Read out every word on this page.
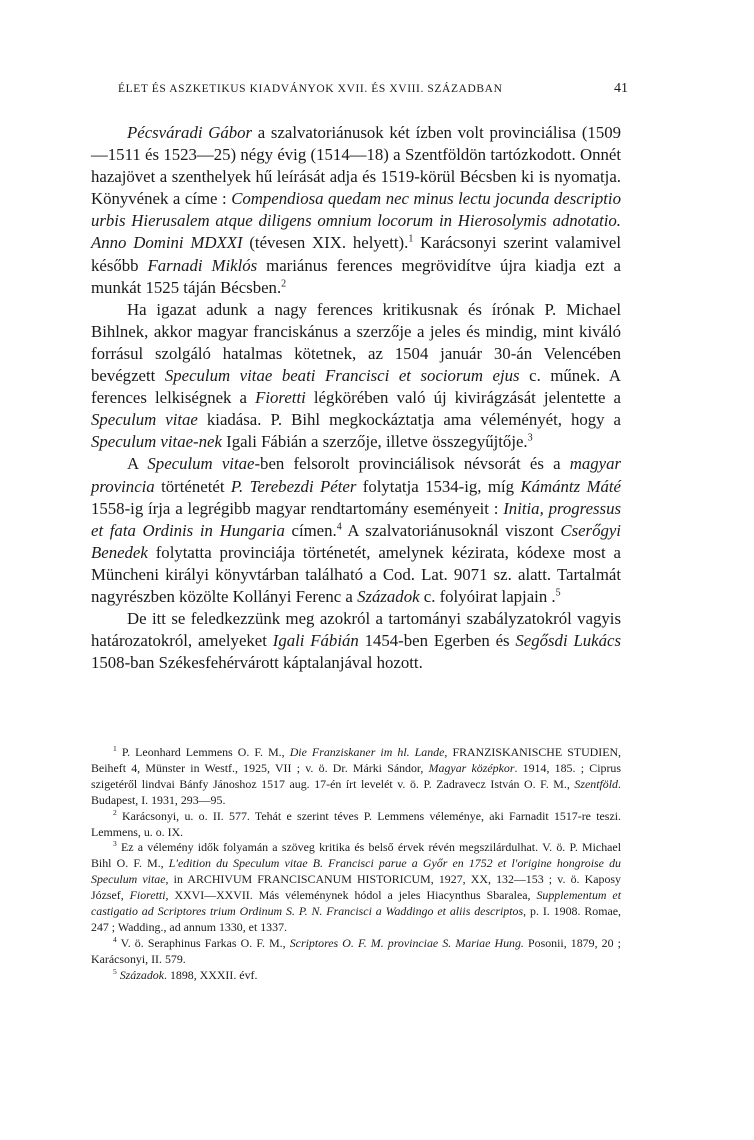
ÉLET ÉS ASZKETIKUS KIADVÁNYOK XVII. ÉS XVIII. SZÁZADBAN	41

Pécsváradi Gábor a szalvatoriánusok két ízben volt provinciálisa (1509—1511 és 1523—25) négy évig (1514—18) a Szentföldön tartózkodott. Onnét hazajövet a szenthelyek hű leírását adja és 1519-körül Bécsben ki is nyomatja. Könyvének a címe : Compendiosa quedam nec minus lectu jocunda descriptio urbis Hierusalem atque diligens omnium locorum in Hierosolymis adnotatio. Anno Domini MDXXI (tévesen XIX. helyett).$^1$ Karácsonyi szerint valamivel később Farnadi Miklós mariánus ferences megrövidítve újra kiadja ezt a munkát 1525 táján Bécsben.$^2$

Ha igazat adunk a nagy ferences kritikusnak és írónak P. Michael Bihlnek, akkor magyar franciskánus a szerzője a jeles és mindig, mint kiváló forrásul szolgáló hatalmas kötetnek, az 1504 január 30-án Velencében bevégzett Speculum vitae beati Francisci et sociorum ejus c. műnek. A ferences lelkiségnek a Fioretti légkörében való új kivirágzását jelentette a Speculum vitae kiadása. P. Bihl megkockáztatja ama véleményét, hogy a Speculum vitae-nek Igali Fábián a szerzője, illetve összegyűjtője.$^3$

A Speculum vitae-ben felsorolt provinciálisok névsorát és a magyar provincia történetét P. Terebezdi Péter folytatja 1534-ig, míg Kámántz Máté 1558-ig írja a legrégibb magyar rendtartomány eseményeit : Initia, progressus et fata Ordinis in Hungaria címen.$^4$ A szalvatoriánusoknál viszont Cserőgyi Benedek folytatta provinciája történetét, amelynek kézirata, kódexe most a Müncheni királyi könyvtárban található a Cod. Lat. 9071 sz. alatt. Tartalmát nagyrészben közölte Kollányi Ferenc a Századok c. folyóirat lapjain .$^5$

De itt se feledkezzünk meg azokról a tartományi szabályzatokról vagyis határozatokról, amelyeket Igali Fábián 1454-ben Egerben és Segősdi Lukács 1508-ban Székesfehérvárott káptalanjával hozott.

$^1$ P. Leonhard Lemmens O. F. M., Die Franziskaner im hl. Lande, FRANZISKANISCHE STUDIEN, Beiheft 4, Münster in Westf., 1925, VII ; v. ö. Dr. Márki Sándor, Magyar középkor. 1914, 185. ; Ciprus szigetéről lindvai Bánfy Jánoshoz 1517 aug. 17-én írt levelét v. ö. P. Zadravecz István O. F. M., Szentföld. Budapest, I. 1931, 293—95.

$^2$ Karácsonyi, u. o. II. 577. Tehát e szerint téves P. Lemmens véleménye, aki Farnadit 1517-re teszi. Lemmens, u. o. IX.

$^3$ Ez a vélemény idők folyamán a szöveg kritika és belső érvek révén megszilárdulhat. V. ö. P. Michael Bihl O. F. M., L'edition du Speculum vitae B. Francisci parue a Győr en 1752 et l'origine hongroise du Speculum vitae, in ARCHIVUM FRANCISCANUM HISTORICUM, 1927, XX, 132—153 ; v. ö. Kaposy József, Fioretti, XXVI—XXVII. Más véleménynek hódol a jeles Hiacynthus Sbaralea, Supplementum et castigatio ad Scriptores trium Ordinum S. P. N. Francisci a Waddingo et aliis descriptos, p. I. 1908. Romae, 247 ; Wadding., ad annum 1330, et 1337.

$^4$ V. ö. Seraphinus Farkas O. F. M., Scriptores O. F. M. provinciae S. Mariae Hung. Posonii, 1879, 20 ; Karácsonyi, II. 579.

$^5$ Századok. 1898, XXXII. évf.
